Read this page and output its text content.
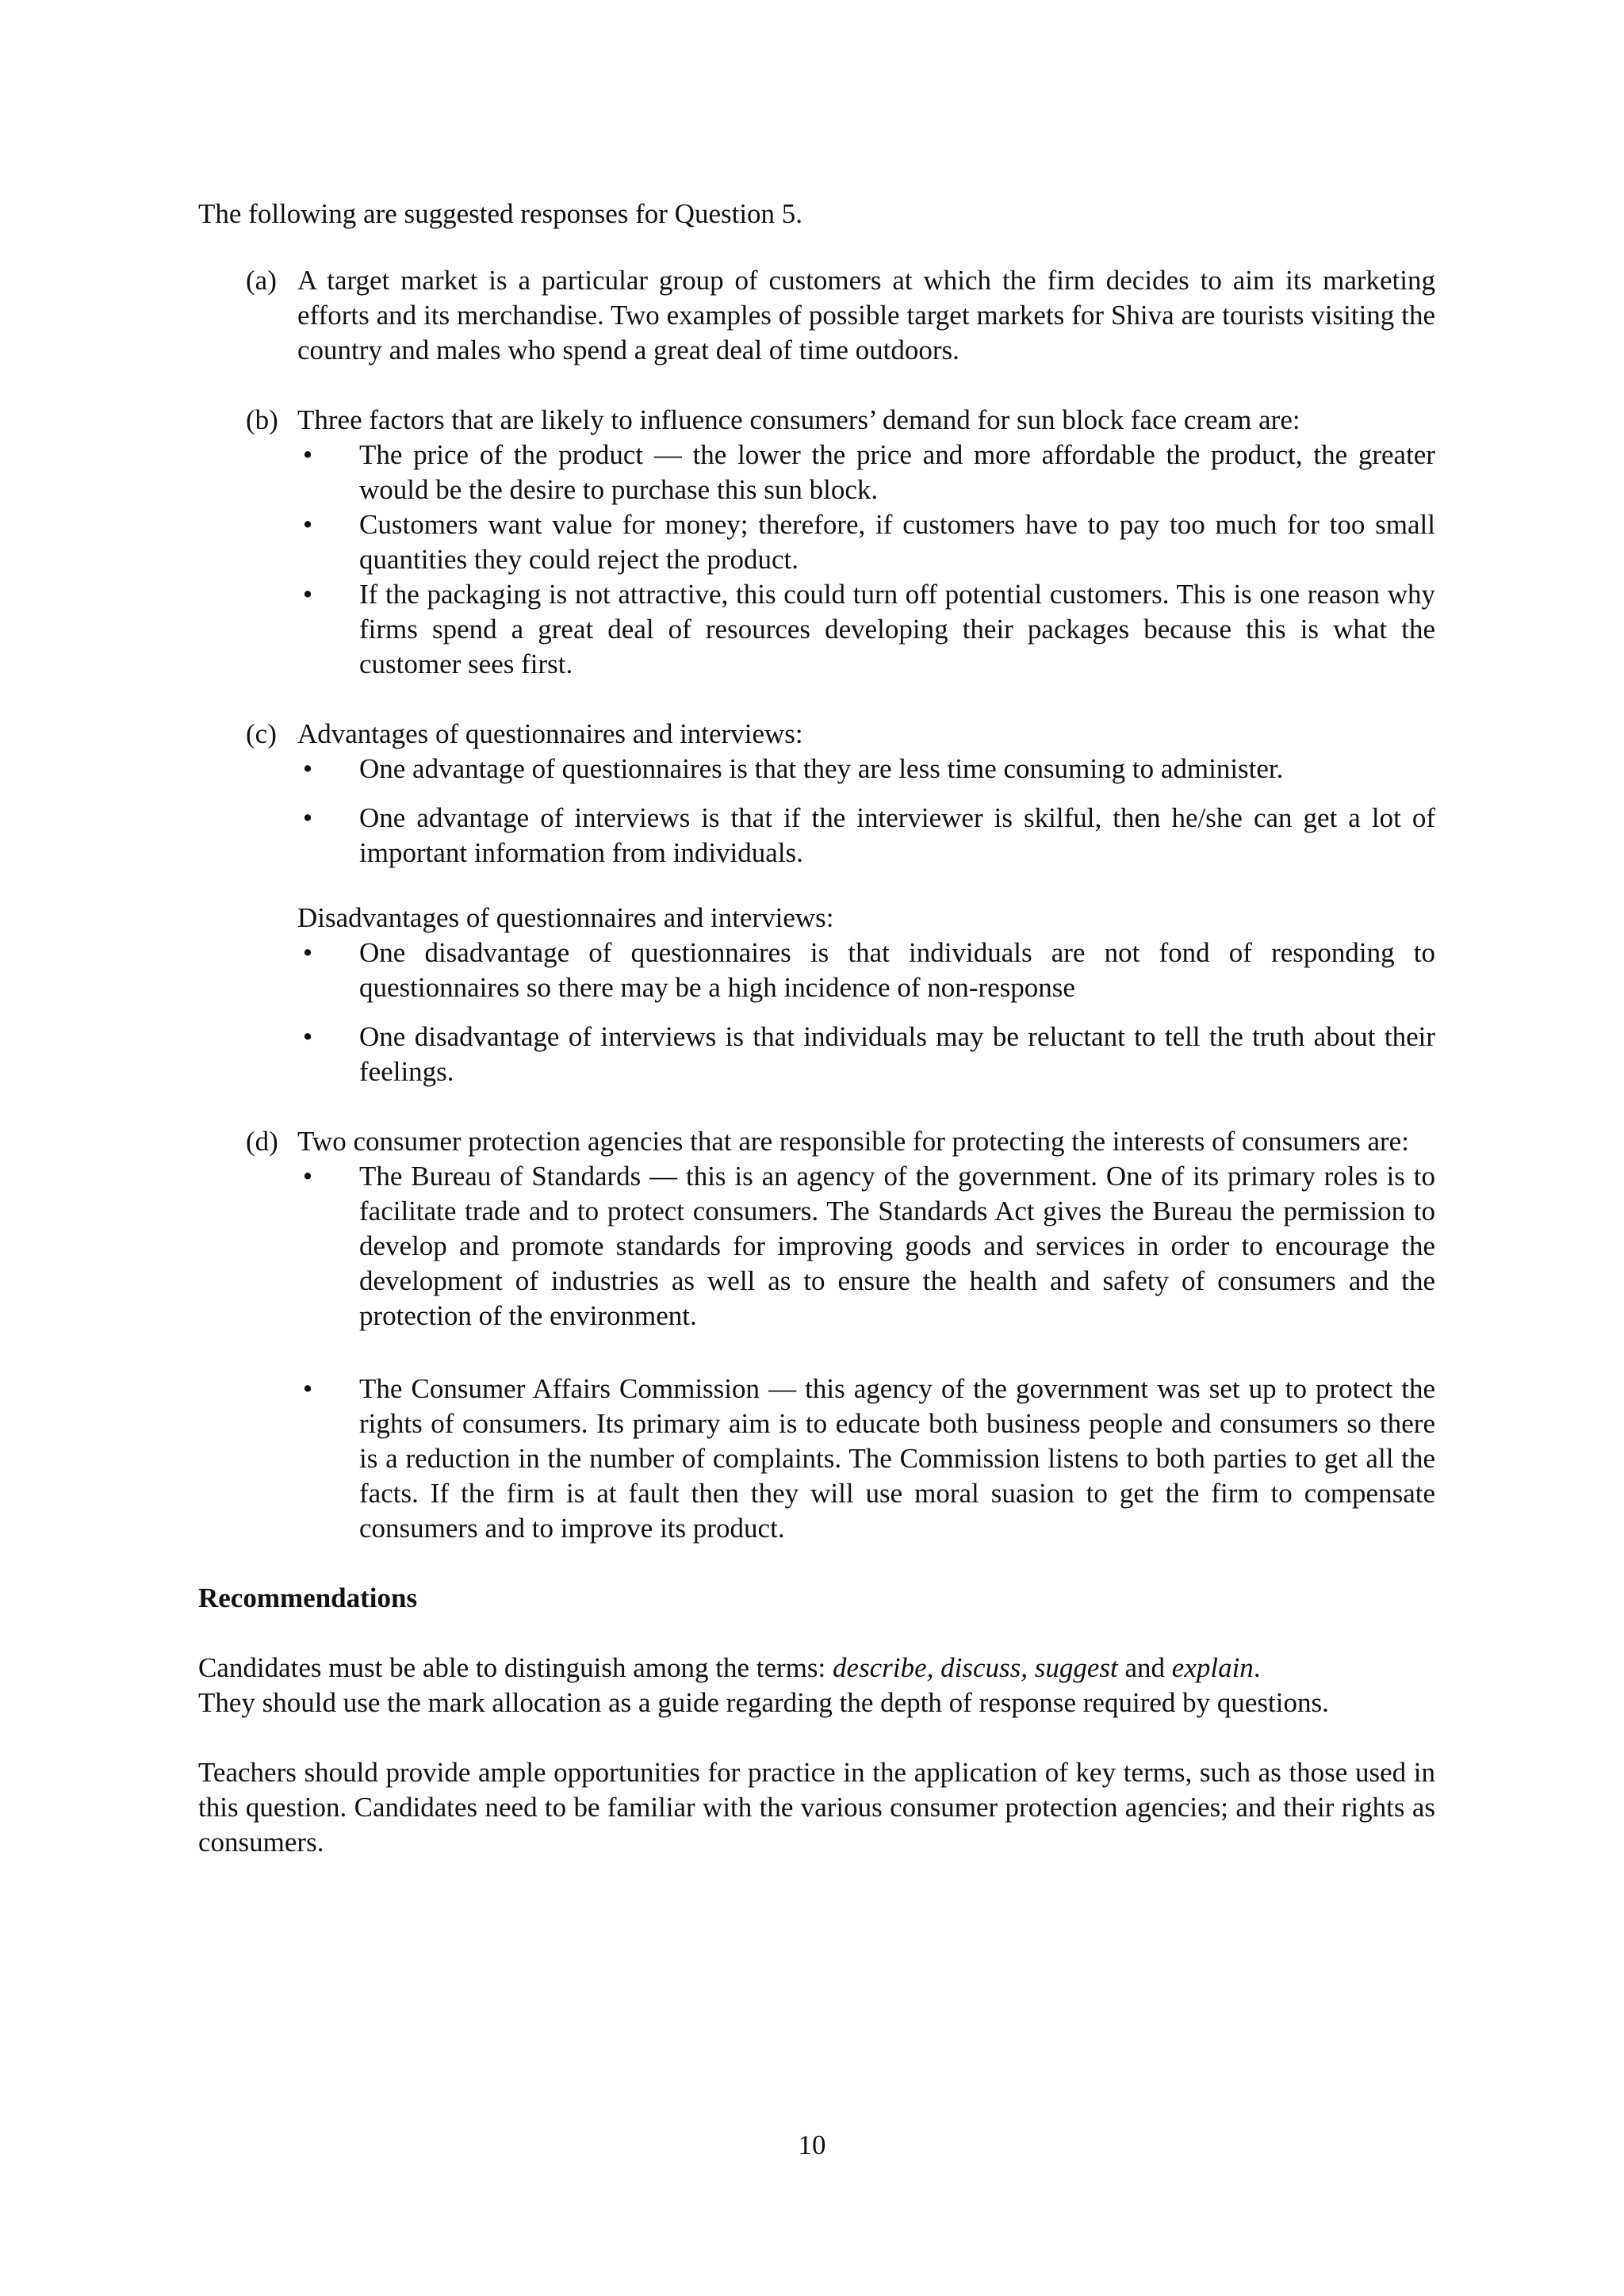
The following are suggested responses for Question 5.

(a) A target market is a particular group of customers at which the firm decides to aim its marketing efforts and its merchandise. Two examples of possible target markets for Shiva are tourists visiting the country and males who spend a great deal of time outdoors.

(b) Three factors that are likely to influence consumers’ demand for sun block face cream are:

• The price of the product — the lower the price and more affordable the product, the greater would be the desire to purchase this sun block.
• Customers want value for money; therefore, if customers have to pay too much for too small quantities they could reject the product.
• If the packaging is not attractive, this could turn off potential customers. This is one reason why firms spend a great deal of resources developing their packages because this is what the customer sees first.
(c) Advantages of questionnaires and interviews:

• One advantage of questionnaires is that they are less time consuming to administer.
• One advantage of interviews is that if the interviewer is skilful, then he/she can get a lot of important information from individuals.

Disadvantages of questionnaires and interviews:

• One disadvantage of questionnaires is that individuals are not fond of responding to questionnaires so there may be a high incidence of non-response
• One disadvantage of interviews is that individuals may be reluctant to tell the truth about their feelings.
(d) Two consumer protection agencies that are responsible for protecting the interests of consumers are:

• The Bureau of Standards — this is an agency of the government. One of its primary roles is to facilitate trade and to protect consumers. The Standards Act gives the Bureau the permission to develop and promote standards for improving goods and services in order to encourage the development of industries as well as to ensure the health and safety of consumers and the protection of the environment.
• The Consumer Affairs Commission — this agency of the government was set up to protect the rights of consumers. Its primary aim is to educate both business people and consumers so there is a reduction in the number of complaints. The Commission listens to both parties to get all the facts. If the firm is at fault then they will use moral suasion to get the firm to compensate consumers and to improve its product.

Recommendations

Candidates must be able to distinguish among the terms: describe, discuss, suggest and explain.

They should use the mark allocation as a guide regarding the depth of response required by questions.

Teachers should provide ample opportunities for practice in the application of key terms, such as those used in this question. Candidates need to be familiar with the various consumer protection agencies; and their rights as consumers.

10
